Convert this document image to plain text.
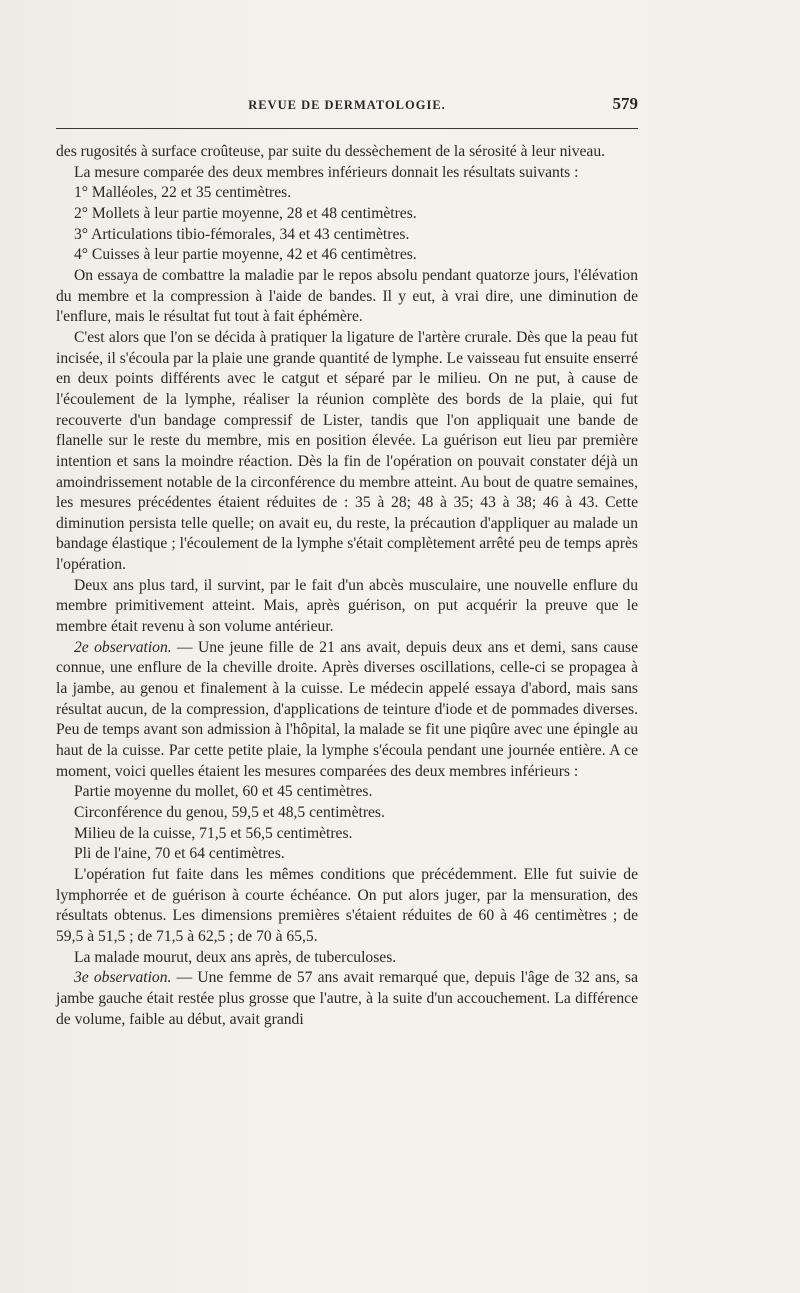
REVUE DE DERMATOLOGIE.	579

des rugosités à surface croûteuse, par suite du dessèchement de la sérosité à leur niveau.

La mesure comparée des deux membres inférieurs donnait les résultats suivants :

1° Malléoles, 22 et 35 centimètres.

2° Mollets à leur partie moyenne, 28 et 48 centimètres.

3° Articulations tibio-fémorales, 34 et 43 centimètres.

4° Cuisses à leur partie moyenne, 42 et 46 centimètres.

On essaya de combattre la maladie par le repos absolu pendant quatorze jours, l'élévation du membre et la compression à l'aide de bandes. Il y eut, à vrai dire, une diminution de l'enflure, mais le résultat fut tout à fait éphémère.

C'est alors que l'on se décida à pratiquer la ligature de l'artère crurale. Dès que la peau fut incisée, il s'écoula par la plaie une grande quantité de lymphe. Le vaisseau fut ensuite enserré en deux points différents avec le catgut et séparé par le milieu. On ne put, à cause de l'écoulement de la lymphe, réaliser la réunion complète des bords de la plaie, qui fut recouverte d'un bandage compressif de Lister, tandis que l'on appliquait une bande de flanelle sur le reste du membre, mis en position élevée. La guérison eut lieu par première intention et sans la moindre réaction. Dès la fin de l'opération on pouvait constater déjà un amoindrissement notable de la circonférence du membre atteint. Au bout de quatre semaines, les mesures précédentes étaient réduites de : 35 à 28; 48 à 35; 43 à 38; 46 à 43. Cette diminution persista telle quelle; on avait eu, du reste, la précaution d'appliquer au malade un bandage élastique ; l'écoulement de la lymphe s'était complètement arrêté peu de temps après l'opération.

Deux ans plus tard, il survint, par le fait d'un abcès musculaire, une nouvelle enflure du membre primitivement atteint. Mais, après guérison, on put acquérir la preuve que le membre était revenu à son volume antérieur.

2e observation. — Une jeune fille de 21 ans avait, depuis deux ans et demi, sans cause connue, une enflure de la cheville droite. Après diverses oscillations, celle-ci se propagea à la jambe, au genou et finalement à la cuisse. Le médecin appelé essaya d'abord, mais sans résultat aucun, de la compression, d'applications de teinture d'iode et de pommades diverses. Peu de temps avant son admission à l'hôpital, la malade se fit une piqûre avec une épingle au haut de la cuisse. Par cette petite plaie, la lymphe s'écoula pendant une journée entière. A ce moment, voici quelles étaient les mesures comparées des deux membres inférieurs :

Partie moyenne du mollet, 60 et 45 centimètres.

Circonférence du genou, 59,5 et 48,5 centimètres.

Milieu de la cuisse, 71,5 et 56,5 centimètres.

Pli de l'aine, 70 et 64 centimètres.

L'opération fut faite dans les mêmes conditions que précédemment. Elle fut suivie de lymphorrée et de guérison à courte échéance. On put alors juger, par la mensuration, des résultats obtenus. Les dimensions premières s'étaient réduites de 60 à 46 centimètres ; de 59,5 à 51,5 ; de 71,5 à 62,5 ; de 70 à 65,5.

La malade mourut, deux ans après, de tuberculoses.

3e observation. — Une femme de 57 ans avait remarqué que, depuis l'âge de 32 ans, sa jambe gauche était restée plus grosse que l'autre, à la suite d'un accouchement. La différence de volume, faible au début, avait grandi
